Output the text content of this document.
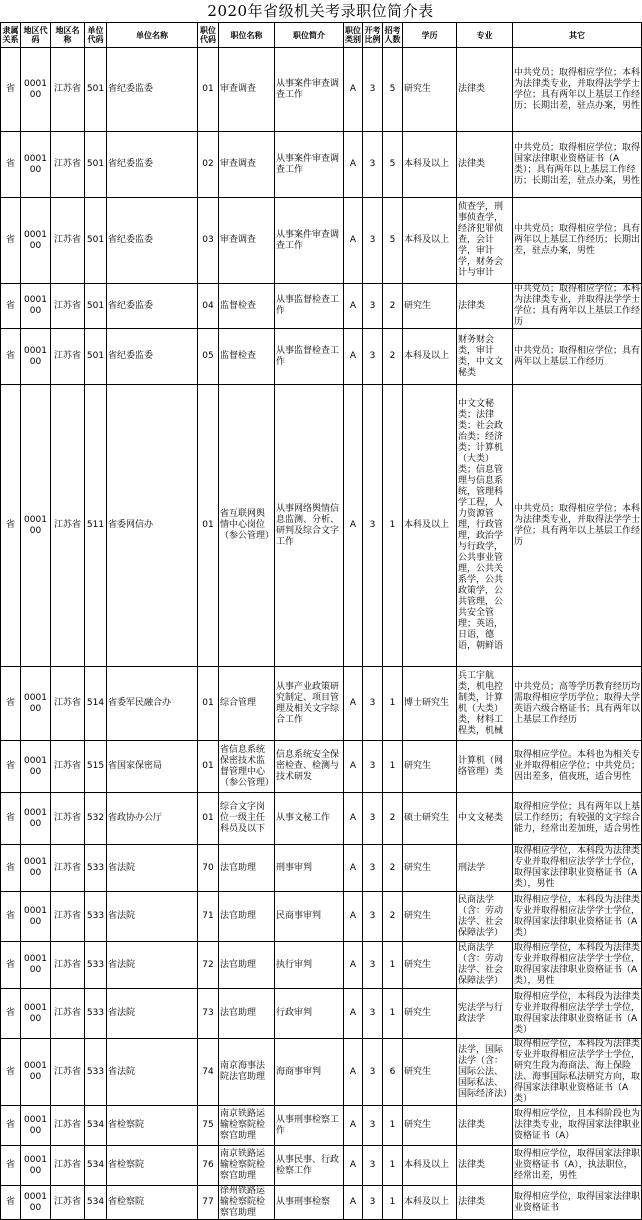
2020年省级机关考录职位简介表
隶属关系	地区代码	地区名称	单位代码	单位名称	职位代码	职位名称	职位简介	职位类别	开考比例	招考人数	学历	专业	其它
省	000100	江苏省	501	省纪委监委	01	审查调查	从事案件审查调查工作	A	3	5	研究生	法律类	中共党员；取得相应学位；本科为法律类专业，并取得法学学士学位；具有两年以上基层工作经历；长期出差，驻点办案，男性
省	000100	江苏省	501	省纪委监委	02	审查调查	从事案件审查调查工作	A	3	5	本科及以上	法律类	中共党员；取得相应学位；取得国家法律职业资格证书（A类）；具有两年以上基层工作经历；长期出差，驻点办案，男性
省	000100	江苏省	501	省纪委监委	03	审查调查	从事案件审查调查工作	A	3	5	本科及以上	侦查学，刑事侦查学，经济犯罪侦查，会计学，审计学，财务会计与审计	中共党员；取得相应学位；具有两年以上基层工作经历；长期出差，驻点办案，男性
省	000100	江苏省	501	省纪委监委	04	监督检查	从事监督检查工作	A	3	2	研究生	法律类	中共党员；取得相应学位；本科为法律类专业，并取得法学学士学位；具有两年以上基层工作经历
省	000100	江苏省	501	省纪委监委	05	监督检查	从事监督检查工作	A	3	2	本科及以上	财务财会类，审计类，中文文秘类	中共党员；取得相应学位；具有两年以上基层工作经历
省	000100	江苏省	511	省委网信办	01	省互联网舆情中心岗位（参公管理）	从事网络舆情信息监测、分析、研判及综合文字工作	A	3	1	本科及以上	中文文秘类；法律类；社会政治类；经济类；计算机（大类）类；信息管理与信息系统，管理科学工程，人力资源管理，行政管理，政治学与行政学，公共事业管理，公共关系学，公共政策学，公共管理，公共安全管理；英语，日语，德语，朝鲜语	中共党员；取得相应学位；本科为法律类专业，并取得法学学士学位；具有两年以上基层工作经历
省	000100	江苏省	514	省委军民融合办	01	综合管理	从事产业政策研究制定、项目管理及相关文字综合工作	A	3	1	博士研究生	兵工宇航类，机电控制类，计算机（大类）类，材料工程类，机械	中共党员；高等学历教育经历均需取得相应学历学位；取得大学英语六级合格证书；具有两年以上基层工作经历
省	000100	江苏省	515	省国家保密局	01	省信息系统保密技术监督管理中心（参公管理）	信息系统安全保密检查、检测与技术研发	A	3	1	研究生	计算机（网络管理）类	取得相应学位。本科也为相关专业并取得相应学位；中共党员；因出差多，值夜班，适合男性
省	000100	江苏省	532	省政协办公厅	01	综合文字岗位一级主任科员及以下	从事文秘工作	A	3	2	硕士研究生	中文文秘类	取得相应学位；具有两年以上基层工作经历；有较强的文字综合能力，经常出差加班，适合男性
省	000100	江苏省	533	省法院	70	法官助理	刑事审判	A	3	2	研究生	刑法学	取得相应学位，本科段为法律类专业并取得相应法学学士学位，取得国家法律职业资格证书（A类），男性
省	000100	江苏省	533	省法院	71	法官助理	民商事审判	A	3	2	研究生	民商法学（含：劳动法学、社会保障法学）	取得相应学位，本科段为法律类专业并取得相应法学学士学位，取得国家法律职业资格证书（A类）
省	000100	江苏省	533	省法院	72	法官助理	执行审判	A	3	1	研究生	民商法学（含：劳动法学、社会保障法学）	取得相应学位，本科段为法律类专业并取得相应法学学士学位，取得国家法律职业资格证书（A类），男性
省	000100	江苏省	533	省法院	73	法官助理	行政审判	A	3	1	研究生	宪法学与行政法学	取得相应学位，本科段为法律类专业并取得相应法学学士学位，取得国家法律职业资格证书（A类）
省	000100	江苏省	533	省法院	74	南京海事法院法官助理	海商事审判	A	3	6	研究生	法学，国际法学（含：国际公法、国际私法、国际经济法）	取得相应学位，本科段为法律类专业并取得相应法学学士学位，研究生段为海商法、海上保险法、海事国际私法研究方向，取得国家法律职业资格证书（A类）
省	000100	江苏省	534	省检察院	75	南京铁路运输检察院检察官助理	从事刑事检察工作	A	3	1	研究生	法律类	取得相应学位，且本科阶段也为法律类专业，取得国家法律职业资格证书（A）
省	000100	江苏省	534	省检察院	76	南京铁路运输检察院检察官助理	从事民事、行政检察工作	A	3	1	本科及以上	法律类	取得相应学位，取得国家法律职业资格证书（A），执法职位，经常出差，男性
省	000100	江苏省	534	省检察院	77	徐州铁路运输检察院检察官助理	从事刑事检察	A	3	1	本科及以上	法律类	取得相应学位，取得国家法律职业资格证书
